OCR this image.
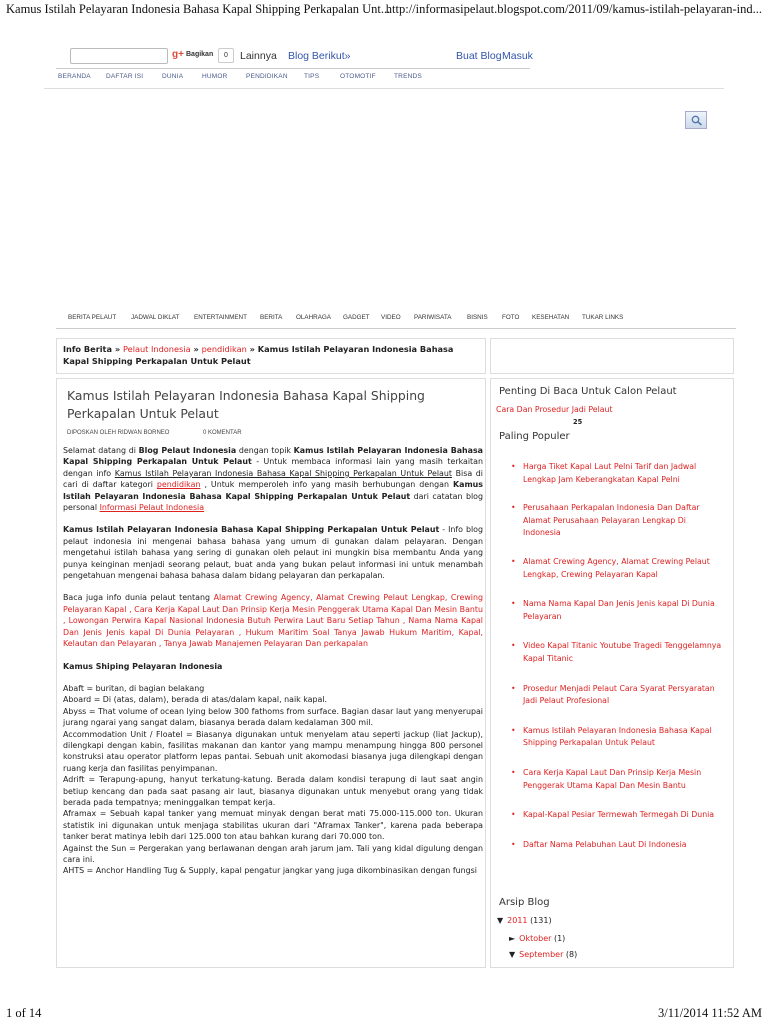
Kamus Istilah Pelayaran Indonesia Bahasa Kapal Shipping Perkapalan Unt...
http://informasipelaut.blogspot.com/2011/09/kamus-istilah-pelayaran-ind...
g+ Bagikan	0	Lainnya Blog Berikut»	Buat Blog Masuk
BERANDA DAFTAR ISI	DUNIA	HUMOR	PENDIDIKAN	TIPS	OTOMOTIF	TRENDS
BERITA PELAUT JADWAL DIKLAT ENTERTAINMENT BERITA OLAHRAGA GADGET VIDEO PARIWISATA BISNIS FOTO KESEHATAN TUKAR LINKS
Info Berita » Pelaut Indonesia » pendidikan » Kamus Istilah Pelayaran Indonesia Bahasa Kapal Shipping Perkapalan Untuk Pelaut
Kamus Istilah Pelayaran Indonesia Bahasa Kapal Shipping Perkapalan Untuk Pelaut
DIPOSKAN OLEH RIDWAN BORNEO	0 KOMENTAR

Selamat datang di Blog Pelaut Indonesia dengan topik Kamus Istilah Pelayaran Indonesia Bahasa Kapal Shipping Perkapalan Untuk Pelaut - Untuk membaca informasi lain yang masih terkaitan dengan info Kamus Istilah Pelayaran Indonesia Bahasa Kapal Shipping Perkapalan Untuk Pelaut Bisa di cari di daftar kategori pendidikan , Untuk memperoleh info yang masih berhubungan dengan Kamus Istilah Pelayaran Indonesia Bahasa Kapal Shipping Perkapalan Untuk Pelaut dari catatan blog personal Informasi Pelaut Indonesia

Kamus Istilah Pelayaran Indonesia Bahasa Kapal Shipping Perkapalan Untuk Pelaut - Info blog pelaut indonesia ini mengenai bahasa bahasa yang umum di gunakan dalam pelayaran. Dengan mengetahui istilah bahasa yang sering di gunakan oleh pelaut ini mungkin bisa membantu Anda yang punya keinginan menjadi seorang pelaut, buat anda yang bukan pelaut informasi ini untuk menambah pengetahuan mengenai bahasa bahasa dalam bidang pelayaran dan perkapalan.

Baca juga info dunia pelaut tentang Alamat Crewing Agency, Alamat Crewing Pelaut Lengkap, Crewing Pelayaran Kapal , Cara Kerja Kapal Laut Dan Prinsip Kerja Mesin Penggerak Utama Kapal Dan Mesin Bantu , Lowongan Perwira Kapal Nasional Indonesia Butuh Perwira Laut Baru Setiap Tahun , Nama Nama Kapal Dan Jenis Jenis kapal Di Dunia Pelayaran , Hukum Maritim Soal Tanya Jawab Hukum Maritim, Kapal, Kelautan dan Pelayaran , Tanya Jawab Manajemen Pelayaran Dan perkapalan

Kamus Shiping Pelayaran Indonesia

Abaft = buritan, di bagian belakang

Aboard = Di (atas, dalam), berada di atas/dalam kapal, naik kapal.

Abyss = That volume of ocean lying below 300 fathoms from surface. Bagian dasar laut yang menyerupai jurang ngarai yang sangat dalam, biasanya berada dalam kedalaman 300 mil.

Accommodation Unit / Floatel = Biasanya digunakan untuk menyelam atau seperti jackup (liat Jackup), dilengkapi dengan kabin, fasilitas makanan dan kantor yang mampu menampung hingga 800 personel konstruksi atau operator platform lepas pantai. Sebuah unit akomodasi biasanya juga dilengkapi dengan ruang kerja dan fasilitas penyimpanan.

Adrift = Terapung-apung, hanyut terkatung-katung. Berada dalam kondisi terapung di laut saat angin betiup kencang dan pada saat pasang air laut, biasanya digunakan untuk menyebut orang yang tidak berada pada tempatnya; meninggalkan tempat kerja.

Aframax = Sebuah kapal tanker yang memuat minyak dengan berat mati 75.000-115.000 ton. Ukuran statistik ini digunakan untuk menjaga stabilitas ukuran dari "Aframax Tanker", karena pada beberapa tanker berat matinya lebih dari 125.000 ton atau bahkan kurang dari 70.000 ton.

Against the Sun = Pergerakan yang berlawanan dengan arah jarum jam. Tali yang kidal digulung dengan cara ini.

AHTS = Anchor Handling Tug & Supply, kapal pengatur jangkar yang juga dikombinasikan dengan fungsi

Penting Di Baca Untuk Calon Pelaut
Cara Dan Prosedur Jadi Pelaut
25
Paling Populer
• Harga Tiket Kapal Laut Pelni Tarif dan Jadwal Lengkap Jam Keberangkatan Kapal Pelni
• Perusahaan Perkapalan Indonesia Dan Daftar Alamat Perusahaan Pelayaran Lengkap Di Indonesia
• Alamat Crewing Agency, Alamat Crewing Pelaut Lengkap, Crewing Pelayaran Kapal
• Nama Nama Kapal Dan Jenis Jenis kapal Di Dunia Pelayaran
• Video Kapal Titanic Youtube Tragedi Tenggelamnya Kapal Titanic
• Prosedur Menjadi Pelaut Cara Syarat Persyaratan Jadi Pelaut Profesional
• Kamus Istilah Pelayaran Indonesia Bahasa Kapal Shipping Perkapalan Untuk Pelaut
• Cara Kerja Kapal Laut Dan Prinsip Kerja Mesin Penggerak Utama Kapal Dan Mesin Bantu
• Kapal-Kapal Pesiar Termewah Termegah Di Dunia
• Daftar Nama Pelabuhan Laut Di Indonesia
Arsip Blog
▼ 2011 (131)
► Oktober (1)
▼ September (8)
1 of 14	3/11/2014 11:52 AM
